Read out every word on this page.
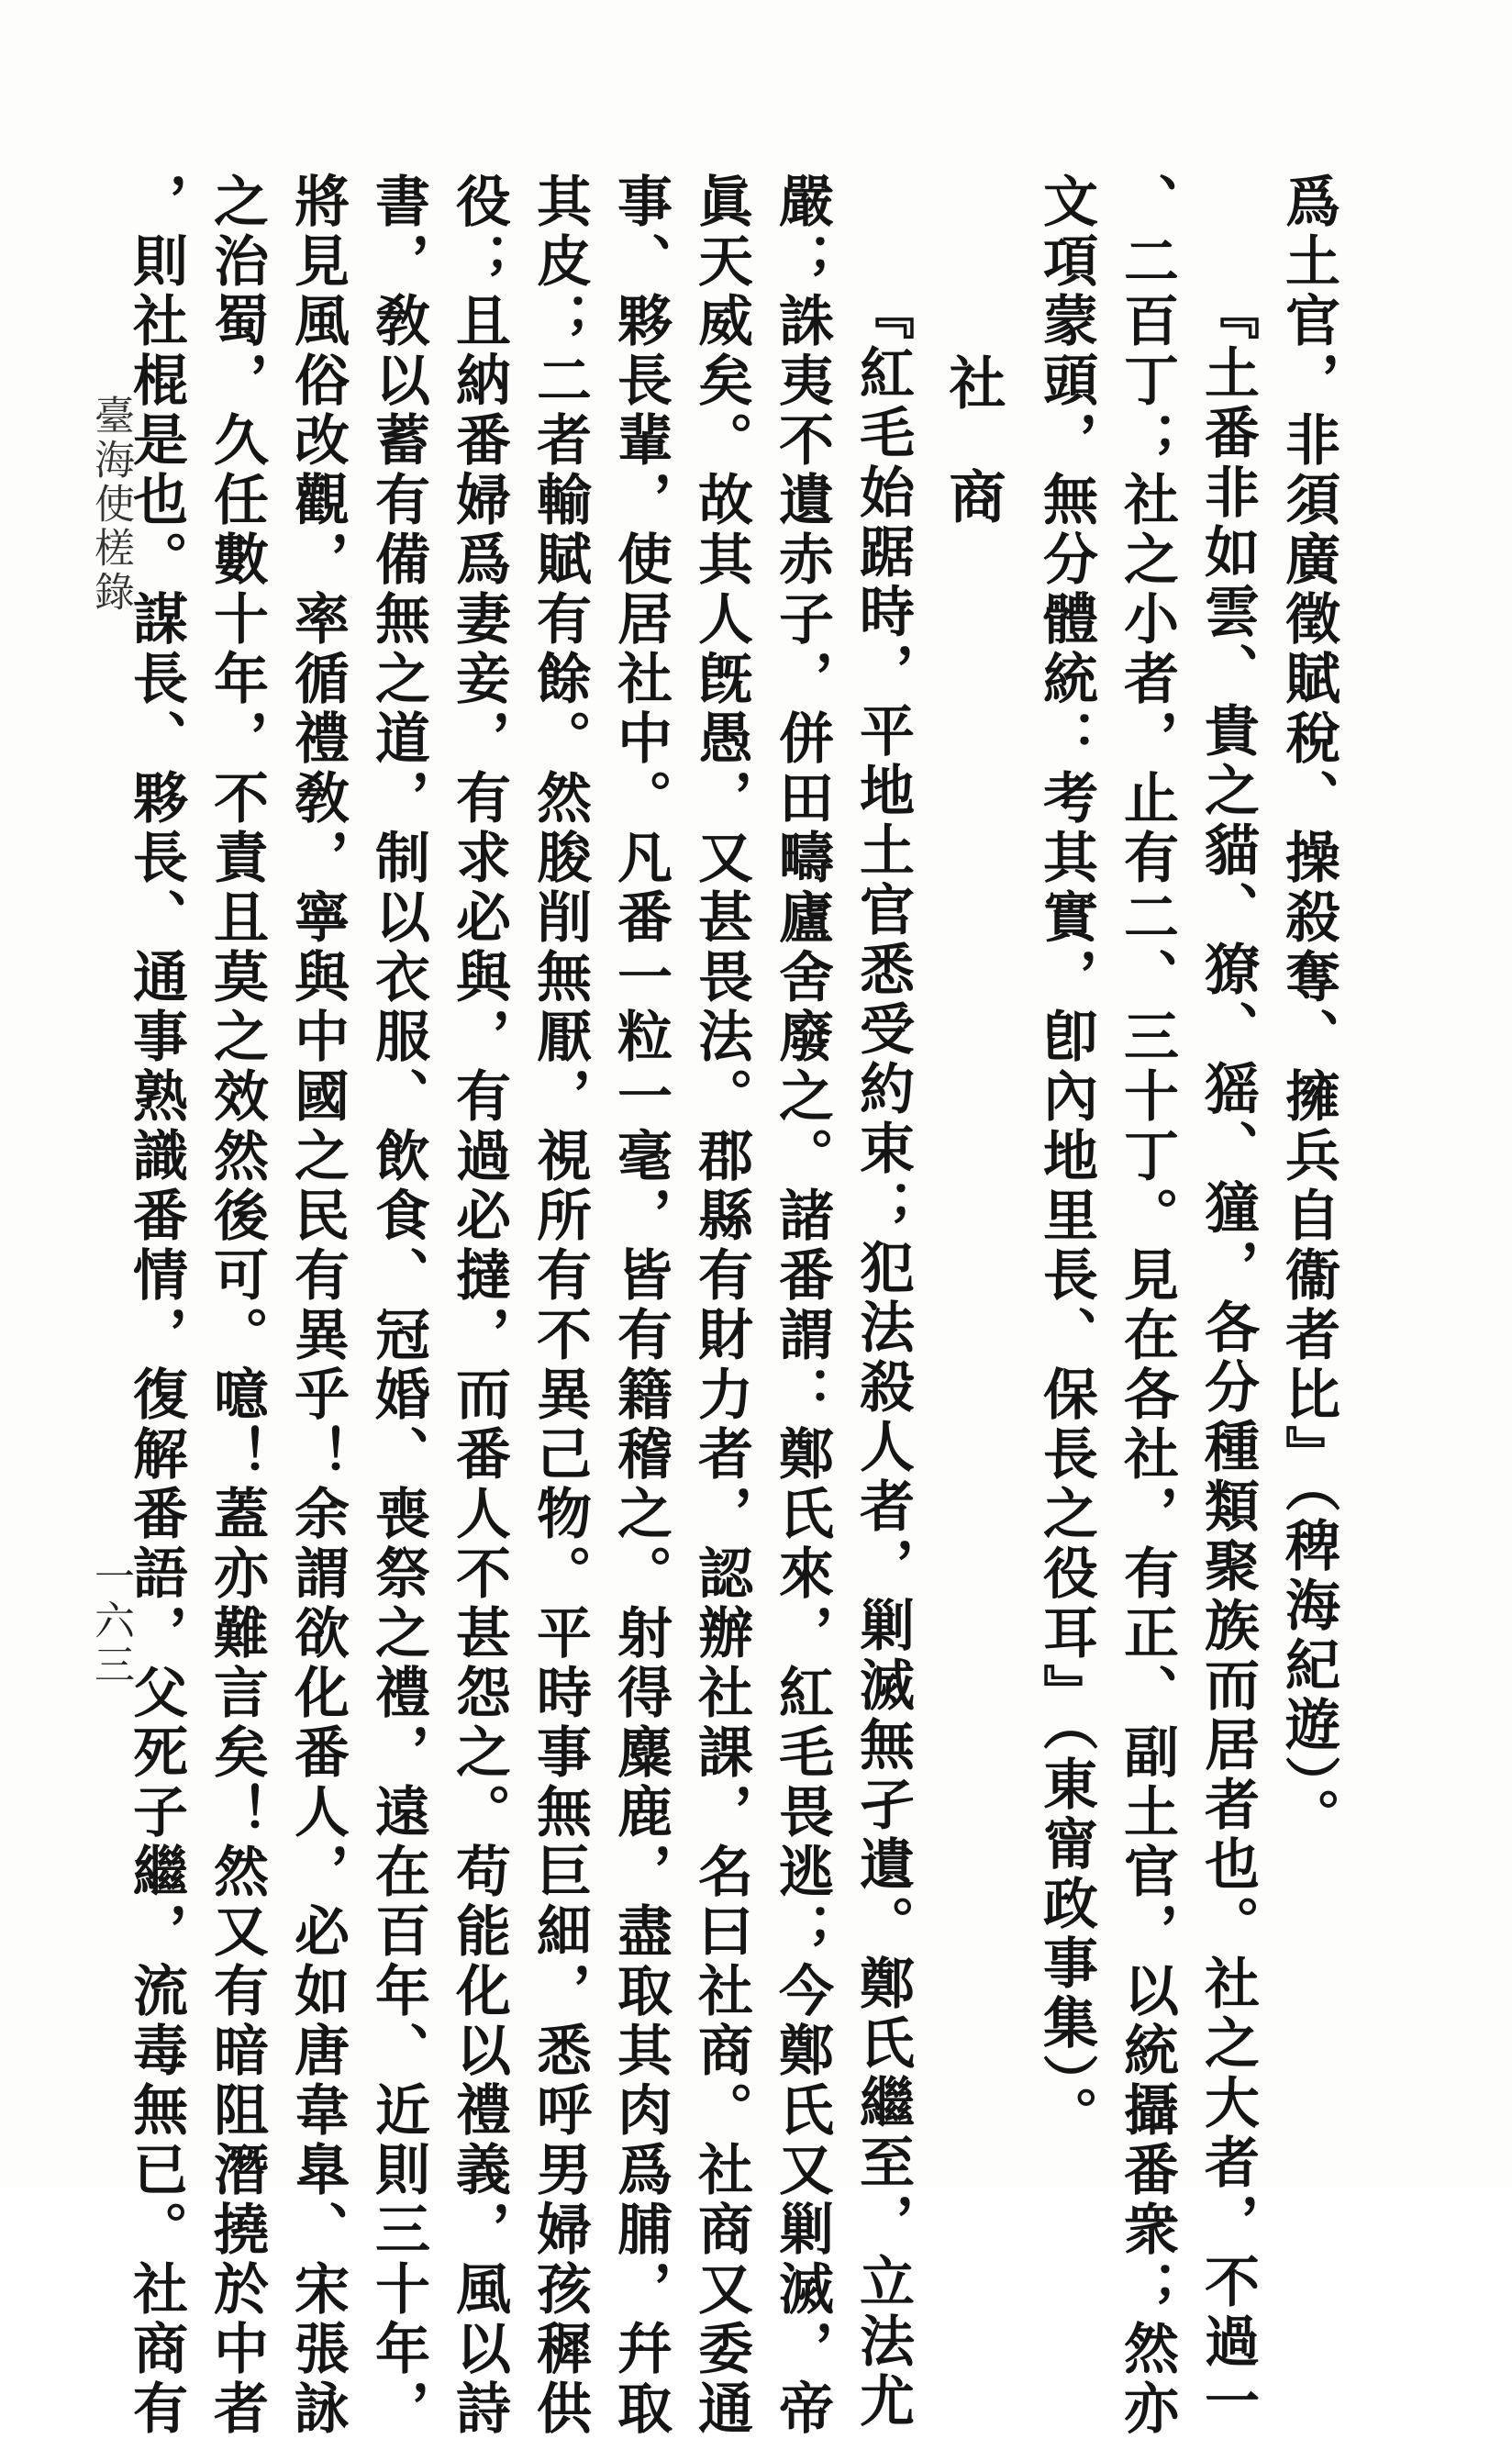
爲土官，非須廣徵賦稅、操殺奪、擁兵自衞者比』（稗海紀遊）。
『土番非如雲、貴之貓、獠、猺、獞，各分種類聚族而居者也。社之大者，不過一
、二百丁；社之小者，止有二、三十丁。見在各社，有正、副土官，以統攝番衆；然亦
文項蒙頭，無分體統：考其實，卽內地里長、保長之役耳』（東甯政事集）。
社商
『紅毛始踞時，平地土官悉受約束；犯法殺人者，剿滅無孑遺。鄭氏繼至，立法尤
嚴；誅夷不遺赤子，併田疇廬舍廢之。諸番謂：鄭氏來，紅毛畏逃；今鄭氏又剿滅，帝
眞天威矣。故其人旣愚，又甚畏法。郡縣有財力者，認辦社課，名曰社商。社商又委通
事、夥長輩，使居社中。凡番一粒一毫，皆有籍稽之。射得麋鹿，盡取其肉爲脯，幷取
其皮；二者輸賦有餘。然朘削無厭，視所有不異己物。平時事無巨細，悉呼男婦孩穉供
役；且納番婦爲妻妾，有求必與，有過必撻，而番人不甚怨之。苟能化以禮義，風以詩
書，敎以蓄有備無之道，制以衣服、飲食、冠婚、喪祭之禮，遠在百年、近則三十年，
將見風俗改觀，率循禮敎，寧與中國之民有異乎！余謂欲化番人，必如唐韋臯、宋張詠
之治蜀，久任數十年，不責且莫之效然後可。噫！蓋亦難言矣！然又有暗阻潛撓於中者
，則社棍是也。謀長、夥長、通事熟識番情，復解番語，父死子繼，流毒無已。社商有
臺海使槎錄
一六三
